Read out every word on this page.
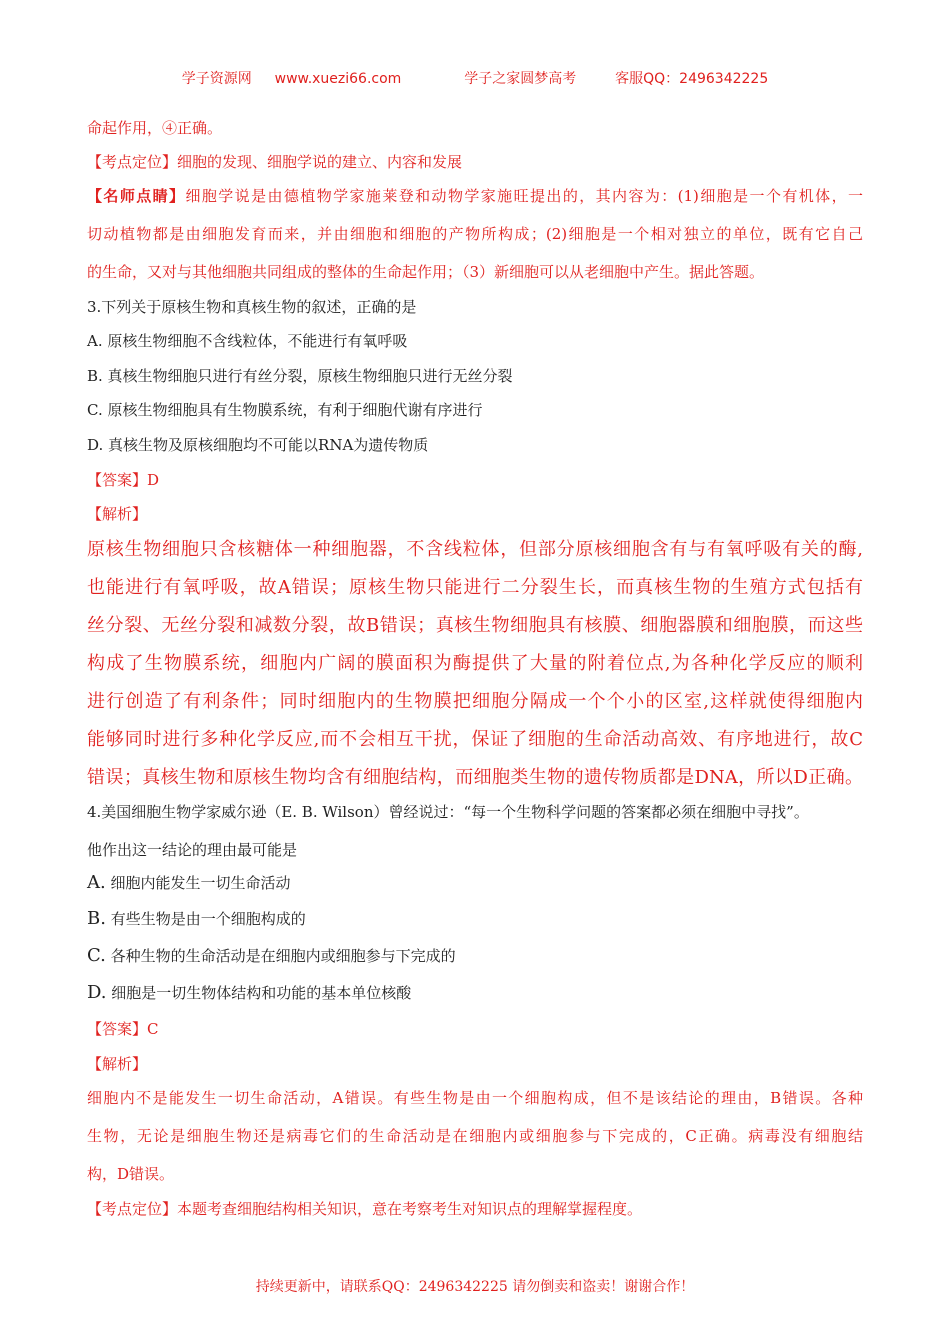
学子资源网 www.xuezi66.com	学子之家圆梦高考	客服QQ：2496342225
命起作用，④正确。
【考点定位】细胞的发现、细胞学说的建立、内容和发展
【名师点睛】细胞学说是由德植物学家施莱登和动物学家施旺提出的，其内容为：(1)细胞是一个有机体，一
切动植物都是由细胞发育而来，并由细胞和细胞的产物所构成；(2)细胞是一个相对独立的单位，既有它自己
的生命，又对与其他细胞共同组成的整体的生命起作用；（3）新细胞可以从老细胞中产生。据此答题。
3.下列关于原核生物和真核生物的叙述，正确的是
A. 原核生物细胞不含线粒体，不能进行有氧呼吸
B. 真核生物细胞只进行有丝分裂，原核生物细胞只进行无丝分裂
C. 原核生物细胞具有生物膜系统，有利于细胞代谢有序进行
D. 真核生物及原核细胞均不可能以RNA为遗传物质
【答案】D
【解析】
原核生物细胞只含核糖体一种细胞器，不含线粒体，但部分原核细胞含有与有氧呼吸有关的酶,
也能进行有氧呼吸，故A错误；原核生物只能进行二分裂生长，而真核生物的生殖方式包括有
丝分裂、无丝分裂和减数分裂，故B错误；真核生物细胞具有核膜、细胞器膜和细胞膜，而这些
构成了生物膜系统，细胞内广阔的膜面积为酶提供了大量的附着位点,为各种化学反应的顺利
进行创造了有利条件；同时细胞内的生物膜把细胞分隔成一个个小的区室,这样就使得细胞内
能够同时进行多种化学反应,而不会相互干扰，保证了细胞的生命活动高效、有序地进行，故C
错误；真核生物和原核生物均含有细胞结构，而细胞类生物的遗传物质都是DNA，所以D正确。
4.美国细胞生物学家威尔逊（E. B. Wilson）曾经说过：“每一个生物科学问题的答案都必须在细胞中寻找”。
他作出这一结论的理由最可能是
A. 细胞内能发生一切生命活动
B. 有些生物是由一个细胞构成的
C. 各种生物的生命活动是在细胞内或细胞参与下完成的
D. 细胞是一切生物体结构和功能的基本单位核酸
【答案】C
【解析】
细胞内不是能发生一切生命活动，A错误。有些生物是由一个细胞构成，但不是该结论的理由，B错误。各种
生物，无论是细胞生物还是病毒它们的生命活动是在细胞内或细胞参与下完成的，C正确。病毒没有细胞结
构，D错误。
【考点定位】本题考查细胞结构相关知识，意在考察考生对知识点的理解掌握程度。
持续更新中，请联系QQ：2496342225 请勿倒卖和盗卖！谢谢合作！
